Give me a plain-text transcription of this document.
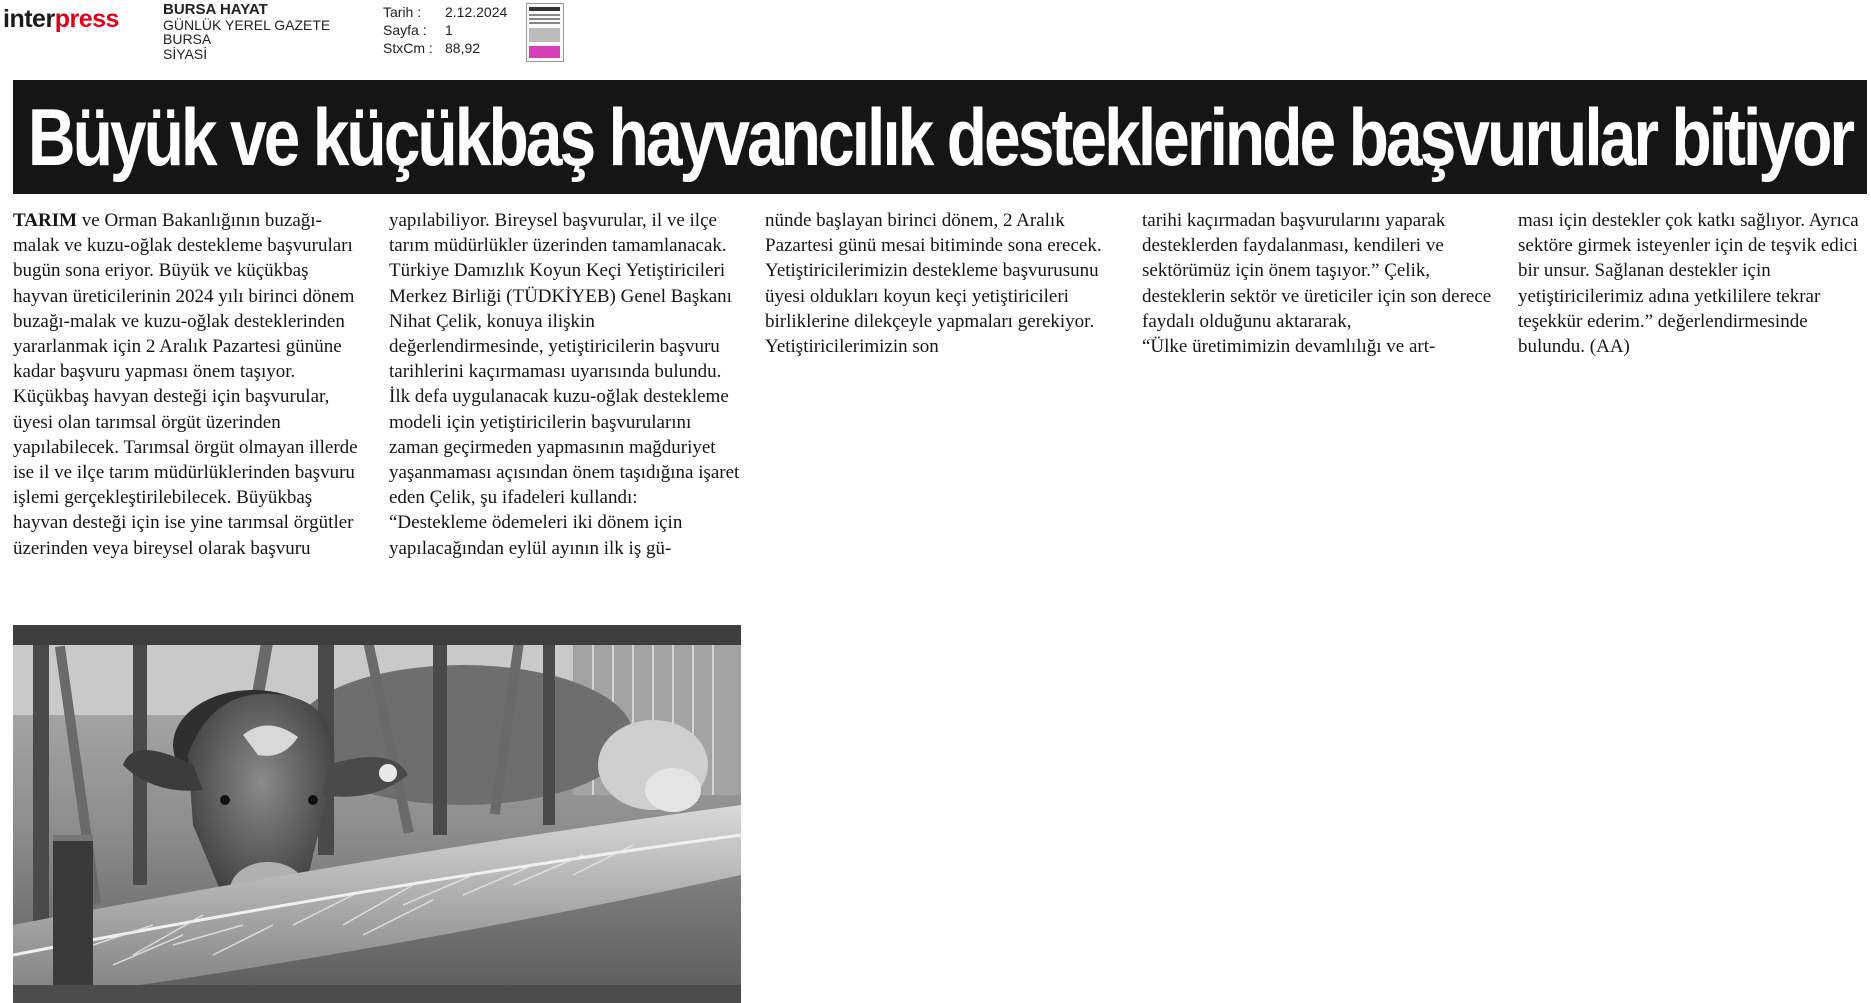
interpress	BURSA HAYAT
GÜNLÜK YEREL GAZETE
BURSA
SİYASİ
Tarih :	2.12.2024
Sayfa :	1
StxCm : 88,92
Büyük ve küçükbaş hayvancılık desteklerinde başvurular bitiyor

TARIM ve Orman Bakanlığının buzağı-malak ve kuzu-oğlak destekleme başvuruları bugün sona eriyor. Büyük ve küçükbaş hayvan üreticilerinin 2024 yılı birinci dönem buzağı-malak ve kuzu-oğlak desteklerinden yararlanmak için 2 Aralık Pazartesi gününe kadar başvuru yapması önem taşıyor. Küçükbaş havyan desteği için başvurular, üyesi olan tarımsal örgüt üzerinden yapılabilecek. Tarımsal örgüt olmayan illerde ise il ve ilçe tarım müdürlüklerinden başvuru işlemi gerçekleştirilebilecek. Büyükbaş hayvan desteği için ise yine tarımsal örgütler üzerinden veya bireysel olarak başvuru

yapılabiliyor. Bireysel başvurular, il ve ilçe tarım müdürlükler üzerinden tamamlanacak. Türkiye Damızlık Koyun Keçi Yetiştiricileri Merkez Birliği (TÜDKİYEB) Genel Başkanı Nihat Çelik, konuya ilişkin değerlendirmesinde, yetiştiricilerin başvuru tarihlerini kaçırmaması uyarısında bulundu. İlk defa uygulanacak kuzu-oğlak destekleme modeli için yetiştiricilerin başvurularını zaman geçirmeden yapmasının mağduriyet yaşanmaması açısından önem taşıdığına işaret eden Çelik, şu ifadeleri kullandı:

“Destekleme ödemeleri iki dönem için yapılacağından eylül ayının ilk iş gü-

nünde başlayan birinci dönem, 2 Aralık Pazartesi günü mesai bitiminde sona erecek. Yetiştiricilerimizin destekleme başvurusunu üyesi oldukları koyun keçi yetiştiricileri birliklerine dilekçeyle yapmaları gerekiyor. Yetiştiricilerimizin son

tarihi kaçırmadan başvurularını yaparak desteklerden faydalanması, kendileri ve sektörümüz için önem taşıyor.” Çelik, desteklerin sektör ve üreticiler için son derece faydalı olduğunu aktararak,

“Ülke üretimimizin devamlılığı ve art-

ması için destekler çok katkı sağlıyor. Ayrıca sektöre girmek isteyenler için de teşvik edici bir unsur. Sağlanan destekler için yetiştiricilerimiz adına yetkililere tekrar teşekkür ederim.” değerlendirmesinde bulundu. (AA)
